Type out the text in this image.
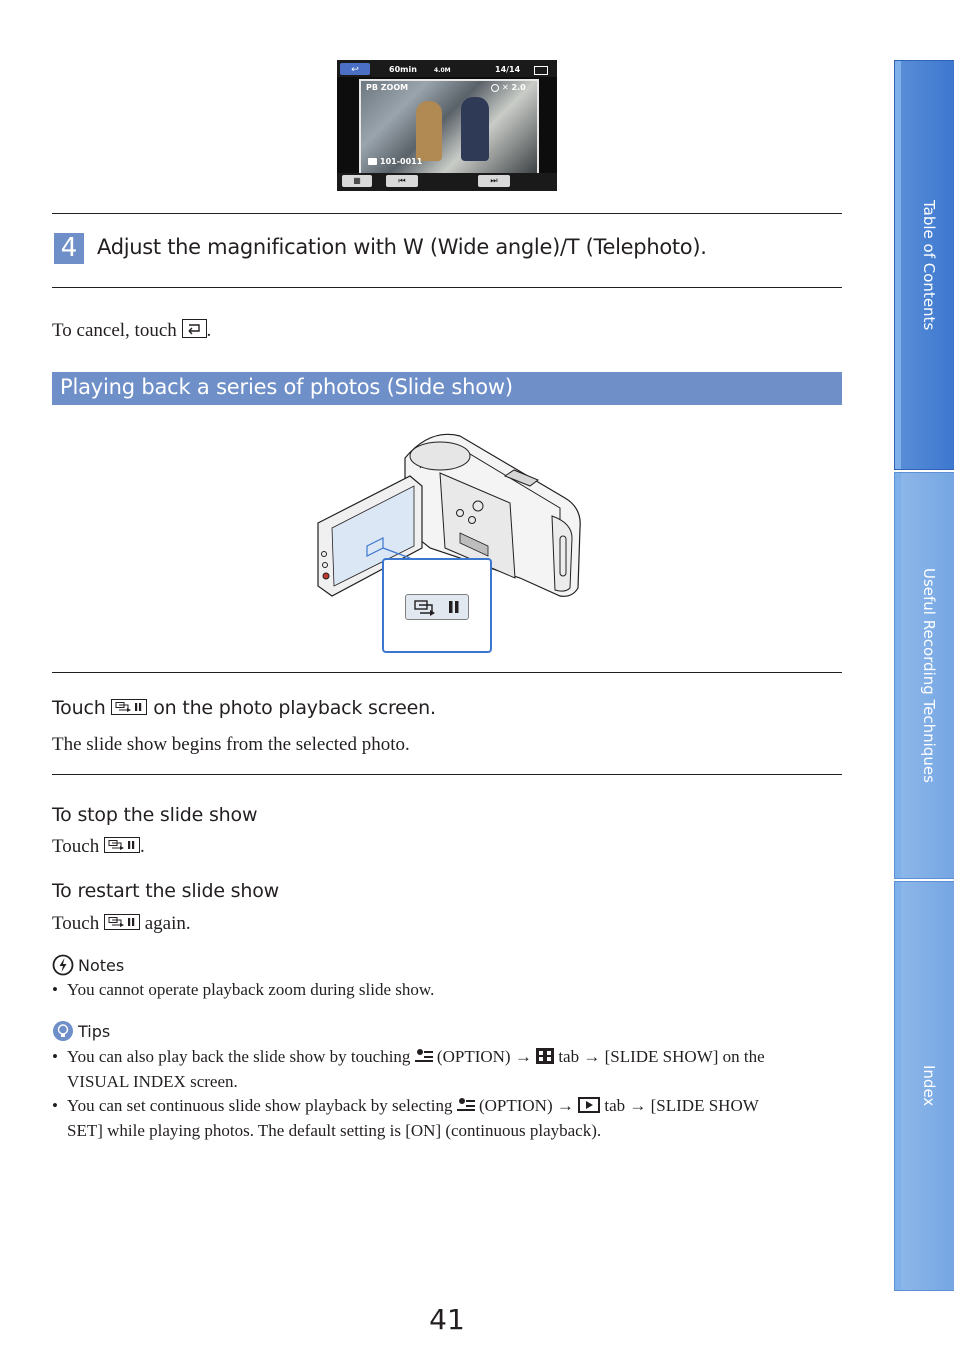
↩	60min	4.0M	14/14
PB ZOOM	✕ 2.0
101-0011
▦	⏮	⏭
4 Adjust the magnification with W (Wide angle)/T (Telephoto).
To cancel, touch .
Playing back a series of photos (Slide show)
Touch	on the photo playback screen.
The slide show begins from the selected photo.
To stop the slide show
Touch .
To restart the slide show
Touch again.
Notes
• You cannot operate playback zoom during slide show.
Tips
• You can also play back the slide show by touching (OPTION) → tab → [SLIDE SHOW] on the
VISUAL INDEX screen.
• You can set continuous slide show playback by selecting (OPTION) → tab → [SLIDE SHOW
SET] while playing photos. The default setting is [ON] (continuous playback).
Table of Contents
Useful Recording Techniques
Index
41
